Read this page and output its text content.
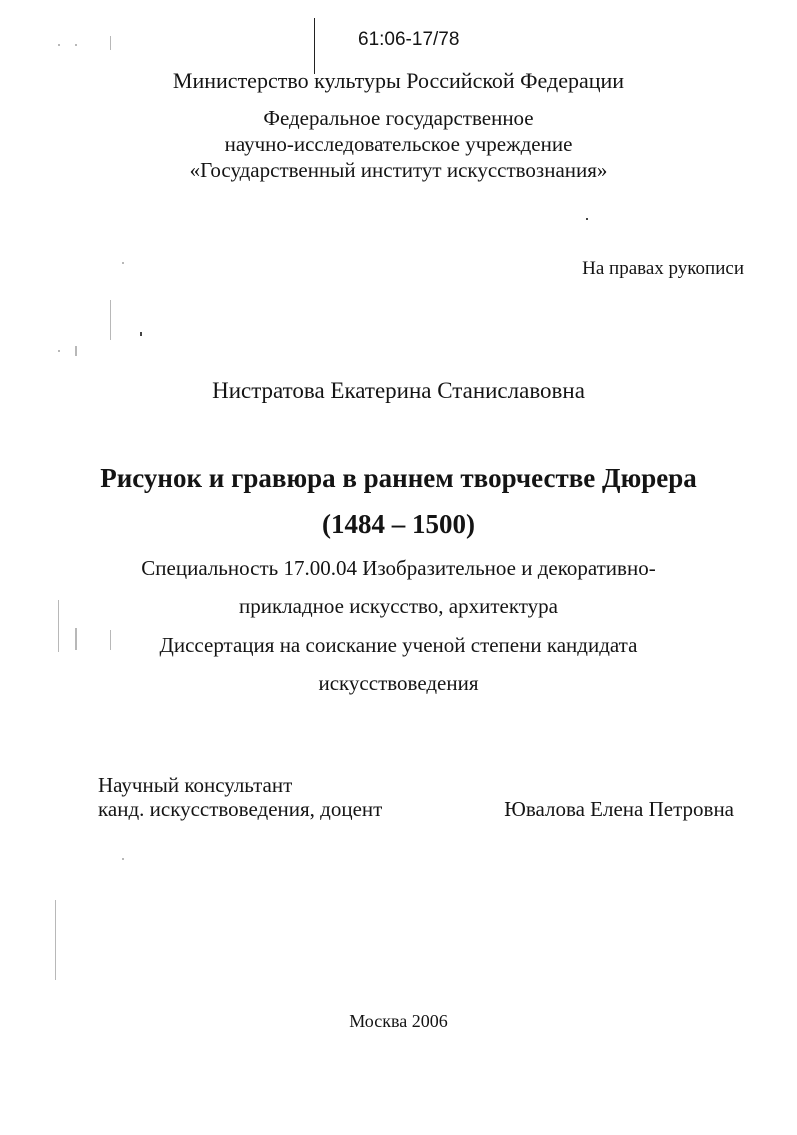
61:06-17/78
Министерство культуры Российской Федерации
Федеральное государственное
научно-исследовательское учреждение
«Государственный институт искусствознания»
На правах рукописи
Нистратова Екатерина Станиславовна
Рисунок и гравюра в раннем творчестве Дюрера
(1484 – 1500)
Специальность 17.00.04 Изобразительное и декоративно-
прикладное искусство, архитектура
Диссертация на соискание ученой степени кандидата
искусствоведения
Научный консультант
канд. искусствоведения, доцент	Ювалова Елена Петровна
Москва 2006
